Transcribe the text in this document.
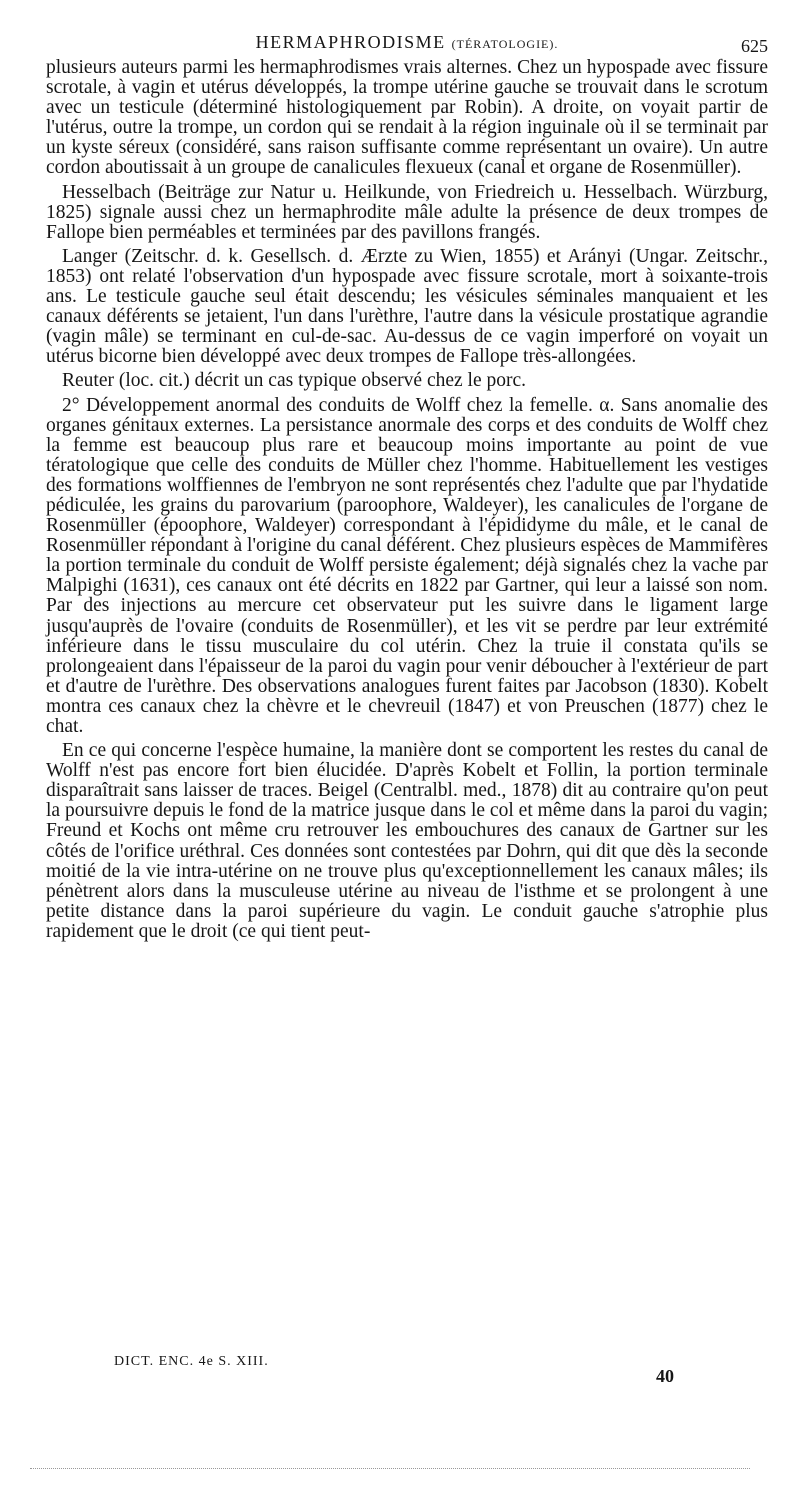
HERMAPHRODISME (TÉRATOLOGIE).	625

plusieurs auteurs parmi les hermaphrodismes vrais alternes. Chez un hypospade avec fissure scrotale, à vagin et utérus développés, la trompe utérine gauche se trouvait dans le scrotum avec un testicule (déterminé histologiquement par Robin). A droite, on voyait partir de l'utérus, outre la trompe, un cordon qui se rendait à la région inguinale où il se terminait par un kyste séreux (considéré, sans raison suffisante comme représentant un ovaire). Un autre cordon aboutissait à un groupe de canalicules flexueux (canal et organe de Rosenmüller).

Hesselbach (Beiträge zur Natur u. Heilkunde, von Friedreich u. Hesselbach. Würzburg, 1825) signale aussi chez un hermaphrodite mâle adulte la présence de deux trompes de Fallope bien perméables et terminées par des pavillons frangés.

Langer (Zeitschr. d. k. Gesellsch. d. Ærzte zu Wien, 1855) et Arányi (Ungar. Zeitschr., 1853) ont relaté l'observation d'un hypospade avec fissure scrotale, mort à soixante-trois ans. Le testicule gauche seul était descendu; les vésicules séminales manquaient et les canaux déférents se jetaient, l'un dans l'urèthre, l'autre dans la vésicule prostatique agrandie (vagin mâle) se terminant en cul-de-sac. Au-dessus de ce vagin imperforé on voyait un utérus bicorne bien développé avec deux trompes de Fallope très-allongées.

Reuter (loc. cit.) décrit un cas typique observé chez le porc.

2° Développement anormal des conduits de Wolff chez la femelle. α. Sans anomalie des organes génitaux externes. La persistance anormale des corps et des conduits de Wolff chez la femme est beaucoup plus rare et beaucoup moins importante au point de vue tératologique que celle des conduits de Müller chez l'homme. Habituellement les vestiges des formations wolffiennes de l'embryon ne sont représentés chez l'adulte que par l'hydatide pédiculée, les grains du parovarium (paroophore, Waldeyer), les canalicules de l'organe de Rosenmüller (époophore, Waldeyer) correspondant à l'épididyme du mâle, et le canal de Rosenmüller répondant à l'origine du canal déférent. Chez plusieurs espèces de Mammifères la portion terminale du conduit de Wolff persiste également; déjà signalés chez la vache par Malpighi (1631), ces canaux ont été décrits en 1822 par Gartner, qui leur a laissé son nom. Par des injections au mercure cet observateur put les suivre dans le ligament large jusqu'auprès de l'ovaire (conduits de Rosenmüller), et les vit se perdre par leur extrémité inférieure dans le tissu musculaire du col utérin. Chez la truie il constata qu'ils se prolongeaient dans l'épaisseur de la paroi du vagin pour venir déboucher à l'extérieur de part et d'autre de l'urèthre. Des observations analogues furent faites par Jacobson (1830). Kobelt montra ces canaux chez la chèvre et le chevreuil (1847) et von Preuschen (1877) chez le chat.

En ce qui concerne l'espèce humaine, la manière dont se comportent les restes du canal de Wolff n'est pas encore fort bien élucidée. D'après Kobelt et Follin, la portion terminale disparaîtrait sans laisser de traces. Beigel (Centralbl. med., 1878) dit au contraire qu'on peut la poursuivre depuis le fond de la matrice jusque dans le col et même dans la paroi du vagin; Freund et Kochs ont même cru retrouver les embouchures des canaux de Gartner sur les côtés de l'orifice uréthral. Ces données sont contestées par Dohrn, qui dit que dès la seconde moitié de la vie intra-utérine on ne trouve plus qu'exceptionnellement les canaux mâles; ils pénètrent alors dans la musculeuse utérine au niveau de l'isthme et se prolongent à une petite distance dans la paroi supérieure du vagin. Le conduit gauche s'atrophie plus rapidement que le droit (ce qui tient peut-

DICT. ENC. 4e S. XIII.
40
